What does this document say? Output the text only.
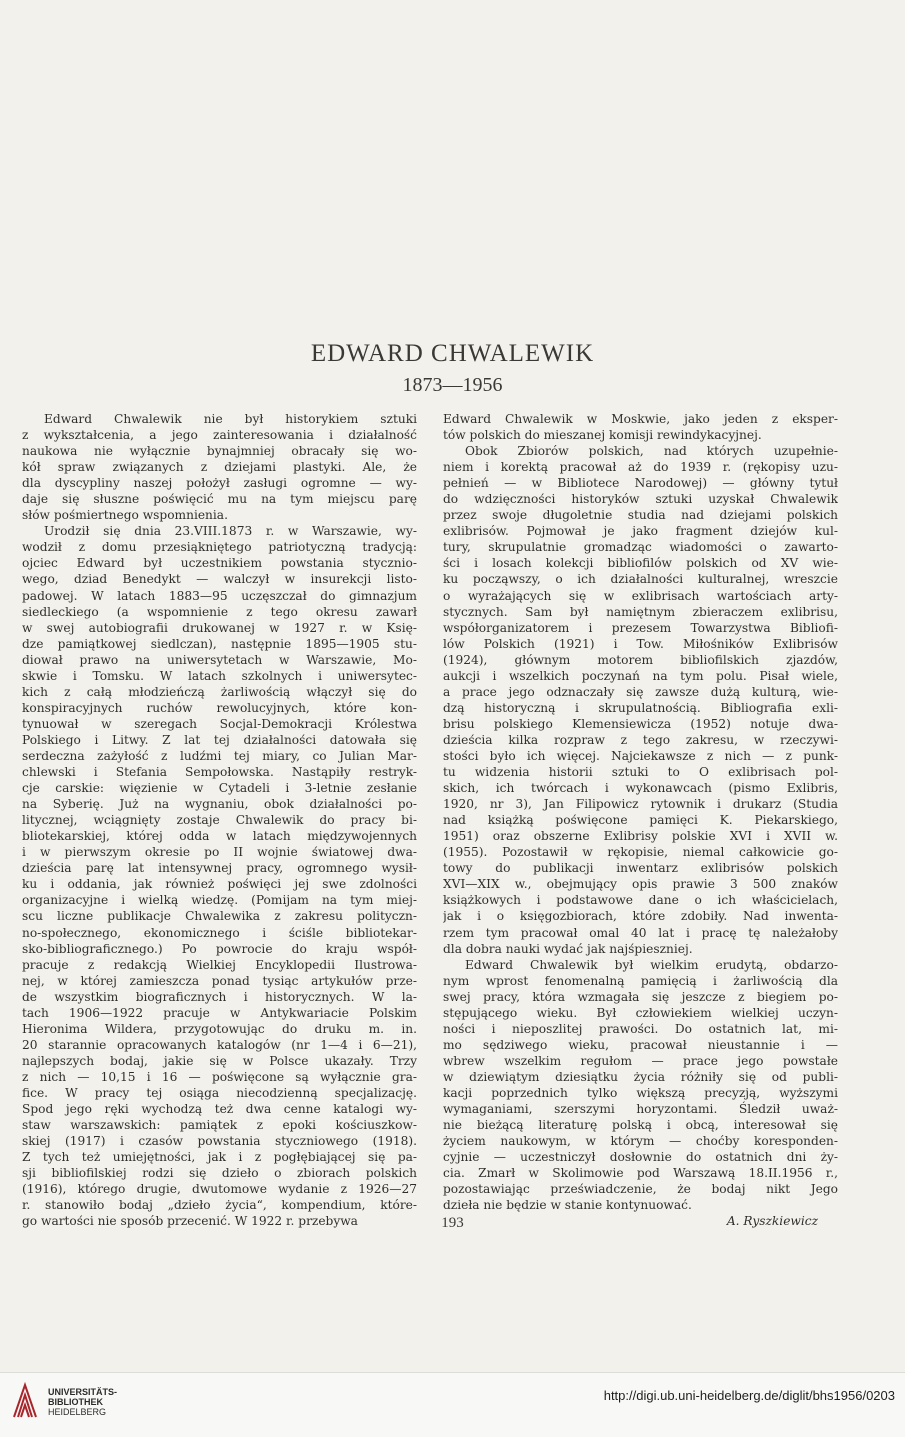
EDWARD CHWALEWIK
1873—1956
Edward Chwalewik nie był historykiem sztuki
z wykształcenia, a jego zainteresowania i działalność
naukowa nie wyłącznie bynajmniej obracały się wo-
kół spraw związanych z dziejami plastyki. Ale, że
dla dyscypliny naszej położył zasługi ogromne — wy-
daje się słuszne poświęcić mu na tym miejscu parę
słów pośmiertnego wspomnienia.
Urodził się dnia 23.VIII.1873 r. w Warszawie, wy-
wodził z domu przesiąkniętego patriotyczną tradycją:
ojciec Edward był uczestnikiem powstania stycznio-
wego, dziad Benedykt — walczył w insurekcji listo-
padowej. W latach 1883—95 uczęszczał do gimnazjum
siedleckiego (a wspomnienie z tego okresu zawarł
w swej autobiografii drukowanej w 1927 r. w Księ-
dze pamiątkowej siedlczan), następnie 1895—1905 stu-
diował prawo na uniwersytetach w Warszawie, Mo-
skwie i Tomsku. W latach szkolnych i uniwersytec-
kich z całą młodzieńczą żarliwością włączył się do
konspiracyjnych ruchów rewolucyjnych, które kon-
tynuował w szeregach Socjal-Demokracji Królestwa
Polskiego i Litwy. Z lat tej działalności datowała się
serdeczna zażyłość z ludźmi tej miary, co Julian Mar-
chlewski i Stefania Sempołowska. Nastąpiły restryk-
cje carskie: więzienie w Cytadeli i 3-letnie zesłanie
na Syberię. Już na wygnaniu, obok działalności po-
litycznej, wciągnięty zostaje Chwalewik do pracy bi-
bliotekarskiej, której odda w latach międzywojennych
i w pierwszym okresie po II wojnie światowej dwa-
dzieścia parę lat intensywnej pracy, ogromnego wysił-
ku i oddania, jak również poświęci jej swe zdolności
organizacyjne i wielką wiedzę. (Pomijam na tym miej-
scu liczne publikacje Chwalewika z zakresu polityczn-
no-społecznego, ekonomicznego i ściśle bibliotekar-
sko-bibliograficznego.) Po powrocie do kraju współ-
pracuje z redakcją Wielkiej Encyklopedii Ilustrowa-
nej, w której zamieszcza ponad tysiąc artykułów prze-
de wszystkim biograficznych i historycznych. W la-
tach 1906—1922 pracuje w Antykwariacie Polskim
Hieronima Wildera, przygotowując do druku m. in.
20 starannie opracowanych katalogów (nr 1—4 i 6—21),
najlepszych bodaj, jakie się w Polsce ukazały. Trzy
z nich — 10,15 i 16 — poświęcone są wyłącznie gra-
fice. W pracy tej osiąga niecodzienną specjalizację.
Spod jego ręki wychodzą też dwa cenne katalogi wy-
staw warszawskich: pamiątek z epoki kościuszkow-
skiej (1917) i czasów powstania styczniowego (1918).
Z tych też umiejętności, jak i z pogłębiającej się pa-
sji bibliofilskiej rodzi się dzieło o zbiorach polskich
(1916), którego drugie, dwutomowe wydanie z 1926—27
r. stanowiło bodaj „dzieło życia“, kompendium, które-
go wartości nie sposób przecenić. W 1922 r. przebywa
Edward Chwalewik w Moskwie, jako jeden z eksper-
tów polskich do mieszanej komisji rewindykacyjnej.
Obok Zbiorów polskich, nad których uzupełnie-
niem i korektą pracował aż do 1939 r. (rękopisy uzu-
pełnień — w Bibliotece Narodowej) — główny tytuł
do wdzięczności historyków sztuki uzyskał Chwalewik
przez swoje długoletnie studia nad dziejami polskich
exlibrisów. Pojmował je jako fragment dziejów kul-
tury, skrupulatnie gromadząc wiadomości o zawarto-
ści i losach kolekcji bibliofilów polskich od XV wie-
ku począwszy, o ich działalności kulturalnej, wreszcie
o wyrażających się w exlibrisach wartościach arty-
stycznych. Sam był namiętnym zbieraczem exlibrisu,
współorganizatorem i prezesem Towarzystwa Bibliofi-
lów Polskich (1921) i Tow. Miłośników Exlibrisów
(1924), głównym motorem bibliofilskich zjazdów,
aukcji i wszelkich poczynań na tym polu. Pisał wiele,
a prace jego odznaczały się zawsze dużą kulturą, wie-
dzą historyczną i skrupulatnością. Bibliografia exli-
brisu polskiego Klemensiewicza (1952) notuje dwa-
dzieścia kilka rozpraw z tego zakresu, w rzeczywi-
stości było ich więcej. Najciekawsze z nich — z punk-
tu widzenia historii sztuki to O exlibrisach pol-
skich, ich twórcach i wykonawcach (pismo Exlibris,
1920, nr 3), Jan Filipowicz rytownik i drukarz (Studia
nad książką poświęcone pamięci K. Piekarskiego,
1951) oraz obszerne Exlibrisy polskie XVI i XVII w.
(1955). Pozostawił w rękopisie, niemal całkowicie go-
towy do publikacji inwentarz exlibrisów polskich
XVI—XIX w., obejmujący opis prawie 3 500 znaków
książkowych i podstawowe dane o ich właścicielach,
jak i o księgozbiorach, które zdobiły. Nad inwenta-
rzem tym pracował omal 40 lat i pracę tę należałoby
dla dobra nauki wydać jak najśpieszniej.
Edward Chwalewik był wielkim erudytą, obdarzo-
nym wprost fenomenalną pamięcią i żarliwością dla
swej pracy, która wzmagała się jeszcze z biegiem po-
stępującego wieku. Był człowiekiem wielkiej uczyn-
ności i nieposzlitej prawości. Do ostatnich lat, mi-
mo sędziwego wieku, pracował nieustannie i —
wbrew wszelkim regułom — prace jego powstałe
w dziewiątym dziesiątku życia różniły się od publi-
kacji poprzednich tylko większą precyzją, wyższymi
wymaganiami, szerszymi horyzontami. Śledził uważ-
nie bieżącą literaturę polską i obcą, interesował się
życiem naukowym, w którym — choćby koresponden-
cyjnie — uczestniczył dosłownie do ostatnich dni ży-
cia. Zmarł w Skolimowie pod Warszawą 18.II.1956 r.,
pozostawiając przeświadczenie, że bodaj nikt Jego
dzieła nie będzie w stanie kontynuować.
A. Ryszkiewicz
193
UNIVERSITÄTS-
BIBLIOTHEK
HEIDELBERG
http://digi.ub.uni-heidelberg.de/diglit/bhs1956/0203
